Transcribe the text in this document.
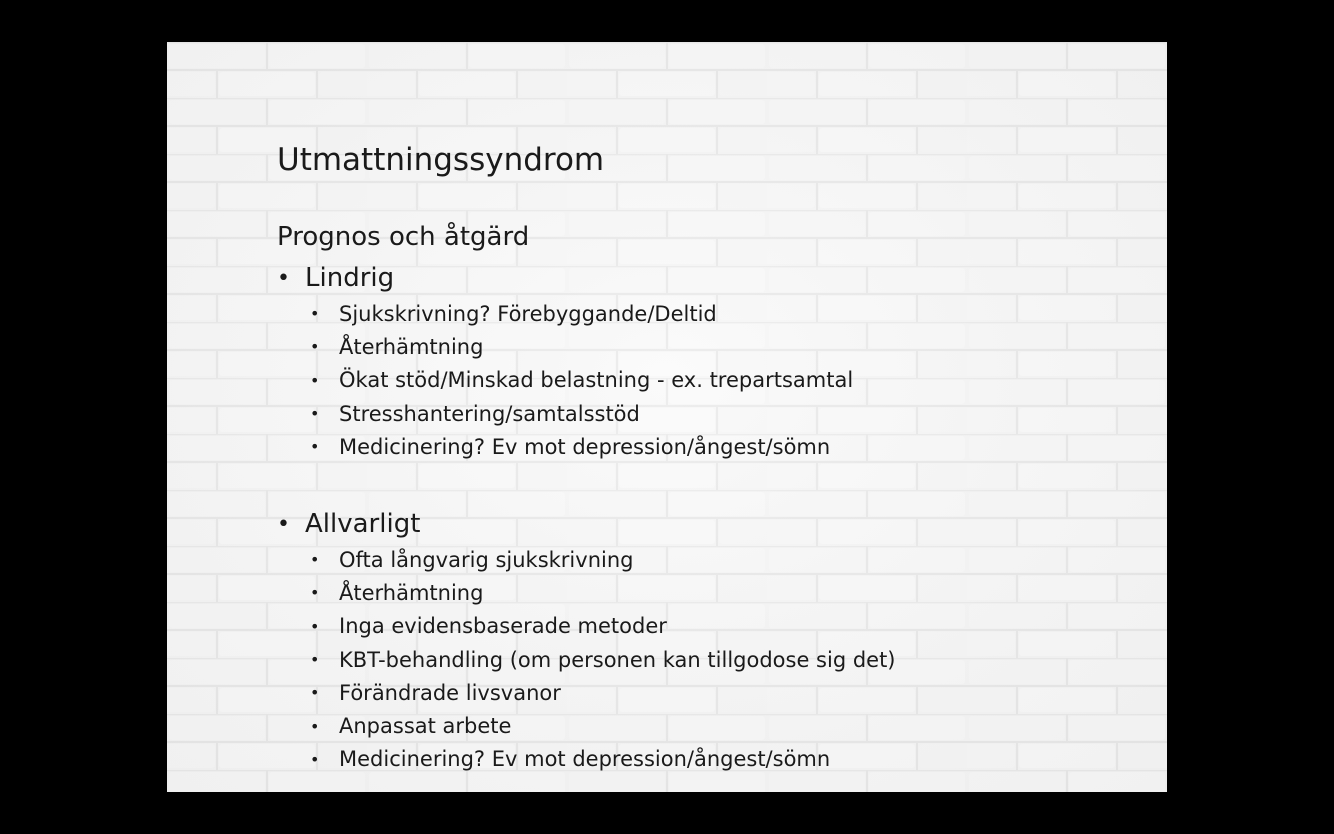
Utmattningssyndrom
Prognos och åtgärd
• Lindrig
• Sjukskrivning? Förebyggande/Deltid
• Återhämtning
• Ökat stöd/Minskad belastning - ex. trepartsamtal
• Stresshantering/samtalsstöd
• Medicinering? Ev mot depression/ångest/sömn
• Allvarligt
• Ofta långvarig sjukskrivning
• Återhämtning
• Inga evidensbaserade metoder
• KBT-behandling (om personen kan tillgodose sig det)
• Förändrade livsvanor
• Anpassat arbete
• Medicinering? Ev mot depression/ångest/sömn
